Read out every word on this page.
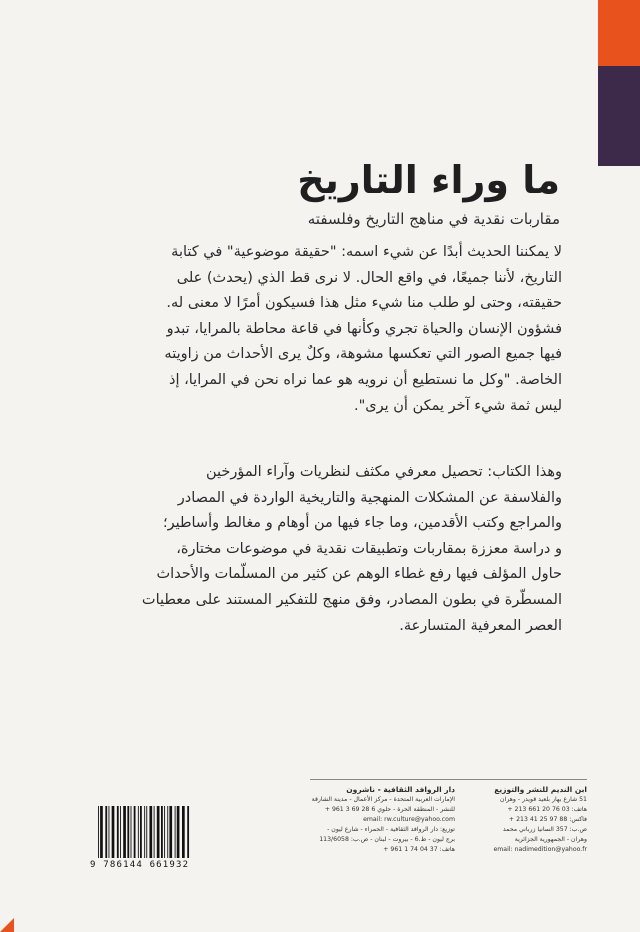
ما وراء التاريخ
مقاربات نقدية في مناهج التاريخ وفلسفته
لا يمكننا الحديث أبدًا عن شيء اسمه: "حقيقة موضوعية" في كتابة
التاريخ، لأننا جميعًا، في واقع الحال. لا نرى قط الذي (يحدث) على
حقيقته، وحتى لو طلب منا شيء مثل هذا فسيكون أمرًا لا معنى له.
فشؤون الإنسان والحياة تجري وكأنها في قاعة محاطة بالمرايا، تبدو
فيها جميع الصور التي تعكسها مشوهة، وكلٌ يرى الأحداث من زاويته
الخاصة. "وكل ما نستطيع أن نرويه هو عما نراه نحن في المرايا، إذ
ليس ثمة شيء آخر يمكن أن يرى".
وهذا الكتاب: تحصيل معرفي مكثف لنظريات وآراء المؤرخين
والفلاسفة عن المشكلات المنهجية والتاريخية الواردة في المصادر
والمراجع وكتب الأقدمين، وما جاء فيها من أوهام و مغالط وأساطير؛
و دراسة معززة بمقاربات وتطبيقات نقدية في موضوعات مختارة،
حاول المؤلف فيها رفع غطاء الوهم عن كثير من المسلّمات والأحداث
المسطّرة في بطون المصادر، وفق منهج للتفكير المستند على معطيات
العصر المعرفية المتسارعة.
ابن النديم للنشر والتوزيع
51 شارع بهار بلعيد قويدر - وهران
هاتف: 03 76 20 661 213 +
فاكس: 88 97 25 41 213 +
ص.ب: 357 السانيا زرباني محمد
وهران - الجمهورية الجزائرية
email: nadimedition@yahoo.fr
دار الروافد الثقافية - ناشرون
الإمارات العربية المتحدة - مركز الأعمال - مدينة الشارقة
للنشر - المنطقة الحرة - حلوي 6 28 69 3 961 +
email: rw.culture@yahoo.com
توزيع: دار الروافد الثقافية - الحمراء - شارع ليون -
برج ليون - ط.6 - بيروت - لبنان - ص.ب: 113/6058
هاتف: 37 04 74 1 961 +
9 786144 661932
